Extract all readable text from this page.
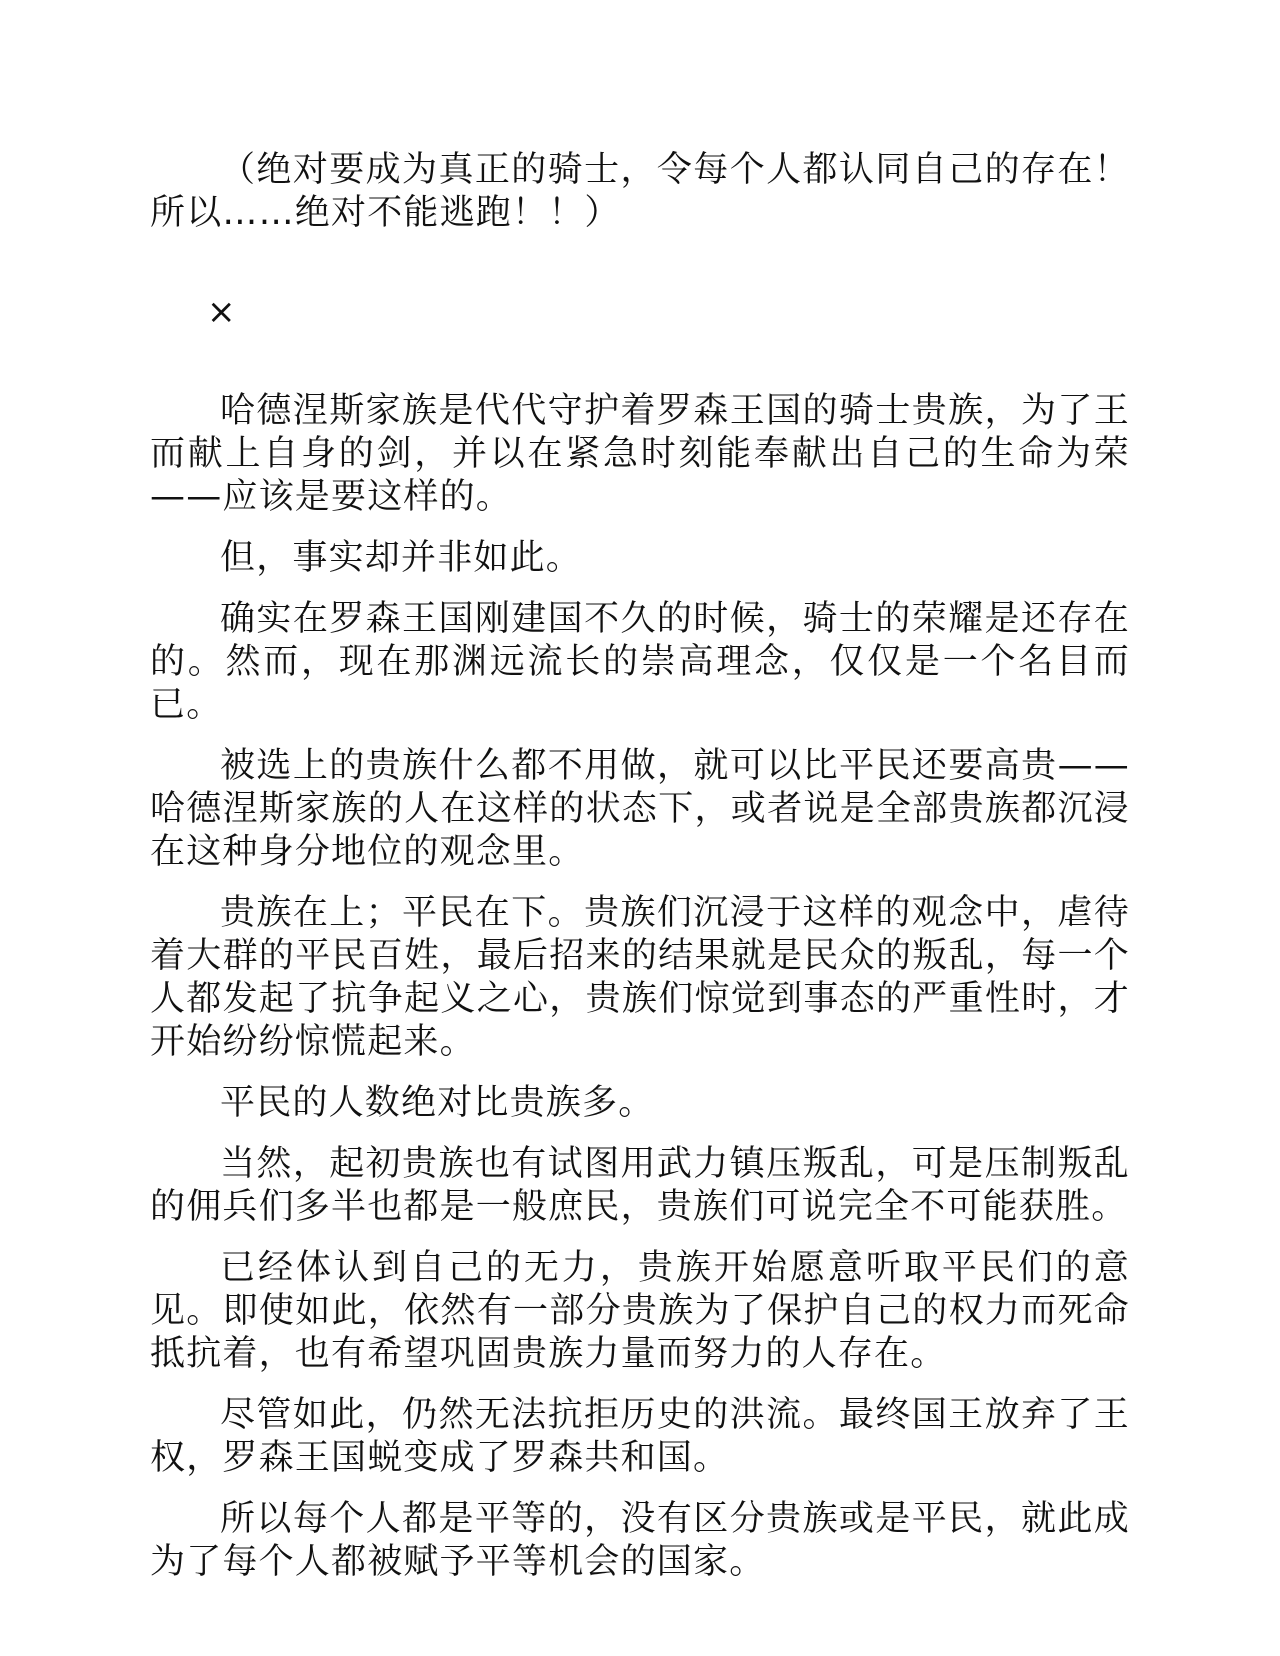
（绝对要成为真正的骑士，令每个人都认同自己的存在！所以……绝对不能逃跑！！）

×

哈德涅斯家族是代代守护着罗森王国的骑士贵族，为了王而献上自身的剑，并以在紧急时刻能奉献出自己的生命为荣——应该是要这样的。

但，事实却并非如此。

确实在罗森王国刚建国不久的时候，骑士的荣耀是还存在的。然而，现在那渊远流长的崇高理念，仅仅是一个名目而已。

被选上的贵族什么都不用做，就可以比平民还要高贵——哈德涅斯家族的人在这样的状态下，或者说是全部贵族都沉浸在这种身分地位的观念里。

贵族在上；平民在下。贵族们沉浸于这样的观念中，虐待着大群的平民百姓，最后招来的结果就是民众的叛乱，每一个人都发起了抗争起义之心，贵族们惊觉到事态的严重性时，才开始纷纷惊慌起来。

平民的人数绝对比贵族多。

当然，起初贵族也有试图用武力镇压叛乱，可是压制叛乱的佣兵们多半也都是一般庶民，贵族们可说完全不可能获胜。

已经体认到自己的无力，贵族开始愿意听取平民们的意见。即使如此，依然有一部分贵族为了保护自己的权力而死命抵抗着，也有希望巩固贵族力量而努力的人存在。

尽管如此，仍然无法抗拒历史的洪流。最终国王放弃了王权，罗森王国蜕变成了罗森共和国。

所以每个人都是平等的，没有区分贵族或是平民，就此成为了每个人都被赋予平等机会的国家。
